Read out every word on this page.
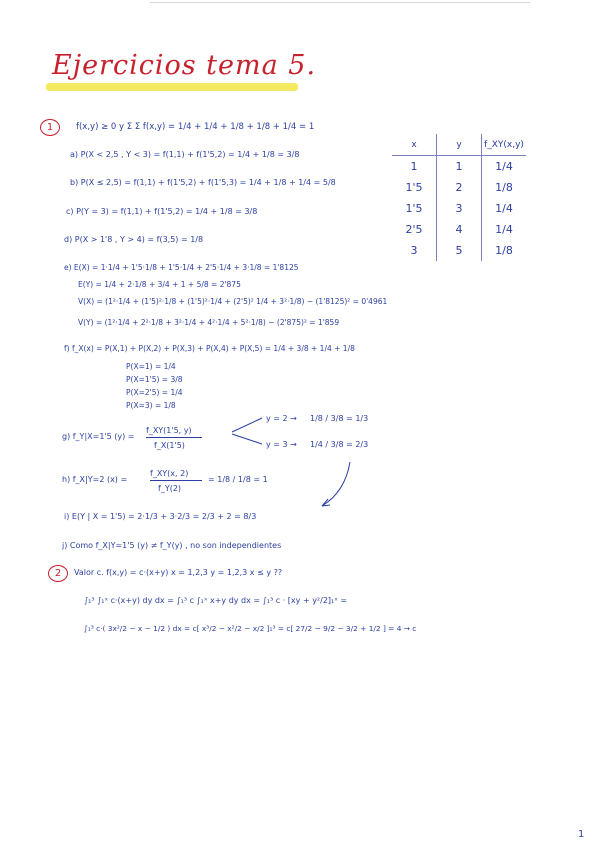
Ejercicios tema 5.
1	f(x,y) ≥ 0 y Σ Σ f(x,y) = 1/4 + 1/4 + 1/8 + 1/8 + 1/4 = 1
a) P(X < 2,5 , Y < 3) = f(1,1) + f(1'5,2) = 1/4 + 1/8 = 3/8
b) P(X ≤ 2,5) = f(1,1) + f(1'5,2) + f(1'5,3) = 1/4 + 1/8 + 1/4 = 5/8
c) P(Y = 3) = f(1,1) + f(1'5,2) = 1/4 + 1/8 = 3/8
d) P(X > 1'8 , Y > 4) = f(3,5) = 1/8
e) E(X) = 1·1/4 + 1'5·1/8 + 1'5·1/4 + 2'5·1/4 + 3·1/8 = 1'8125
E(Y) = 1/4 + 2·1/8 + 3/4 + 1 + 5/8 = 2'875
V(X) = (1²·1/4 + (1'5)²·1/8 + (1'5)²·1/4 + (2'5)² 1/4 + 3²·1/8) − (1'8125)² = 0'4961
V(Y) = (1²·1/4 + 2²·1/8 + 3²·1/4 + 4²·1/4 + 5²·1/8) − (2'875)² = 1'859
f) f_X(x) = P(X,1) + P(X,2) + P(X,3) + P(X,4) + P(X,5) = 1/4 + 3/8 + 1/4 + 1/8
P(X=1) = 1/4
P(X=1'5) = 3/8
P(X=2'5) = 1/4
P(X=3) = 1/8
g) f_Y|X=1'5 (y) =
f_XY(1'5, y)
f_X(1'5)
y = 2 → 1/8 / 3/8 = 1/3
y = 3 → 1/4 / 3/8 = 2/3
h) f_X|Y=2 (x) =
f_XY(x, 2)
f_Y(2)
= 1/8 / 1/8 = 1
i) E(Y | X = 1'5) = 2·1/3 + 3·2/3 = 2/3 + 2 = 8/3
j) Como f_X|Y=1'5 (y) ≠ f_Y(y) , no son independientes
x	y	f_XY(x,y)
1	1	1/4
1'5	2	1/8
1'5	3	1/4
2'5	4	1/4
3	5	1/8
2	Valor c. f(x,y) = c·(x+y) x = 1,2,3 y = 1,2,3 x ≤ y ??
∫₁³ ∫₁ˣ c·(x+y) dy dx = ∫₁³ c ∫₁ˣ x+y dy dx = ∫₁³ c · [xy + y²/2]₁ˣ =
∫₁³ c·( 3x²/2 − x − 1/2 ) dx = c[ x³/2 − x²/2 − x/2 ]₁³ = c[ 27/2 − 9/2 − 3/2 + 1/2 ] = 4 → c
1
